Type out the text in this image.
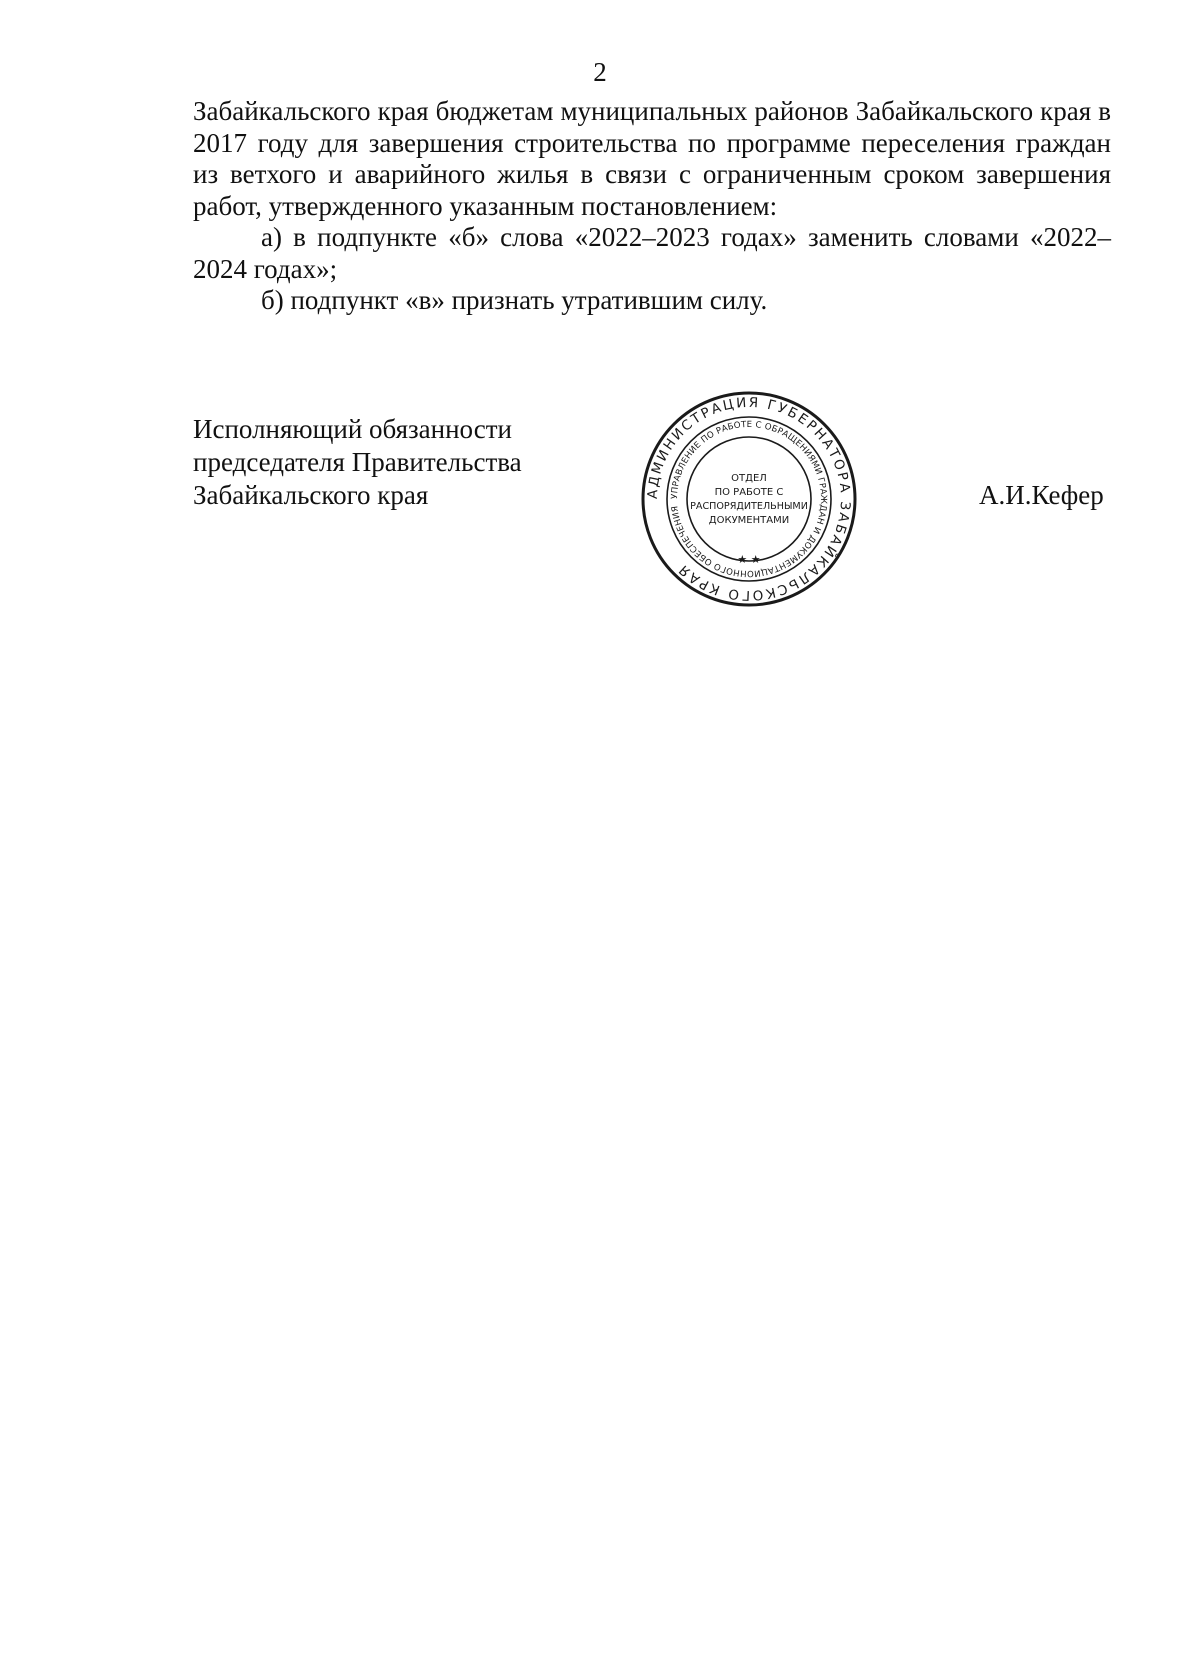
2

Забайкальского края бюджетам муниципальных районов Забайкальского края в 2017 году для завершения строительства по программе переселения граждан из ветхого и аварийного жилья в связи с ограниченным сроком завершения работ, утвержденного указанным постановлением:

а) в подпункте «б» слова «2022–2023 годах» заменить словами «2022–2024 годах»;

б) подпункт «в» признать утратившим силу.

Исполняющий обязанности
председателя Правительства
Забайкальского края	А.И.Кефер
АДМИНИСТРАЦИЯ ГУБЕРНАТОРА ЗАБАЙКАЛЬСКОГО КРАЯ
УПРАВЛЕНИЕ ПО РАБОТЕ С ОБРАЩЕНИЯМИ ГРАЖДАН И ДОКУМЕНТАЦИОННОГО ОБЕСПЕЧЕНИЯ
ОТДЕЛ
ПО РАБОТЕ С
РАСПОРЯДИТЕЛЬНЫМИ
ДОКУМЕНТАМИ
★ ★
